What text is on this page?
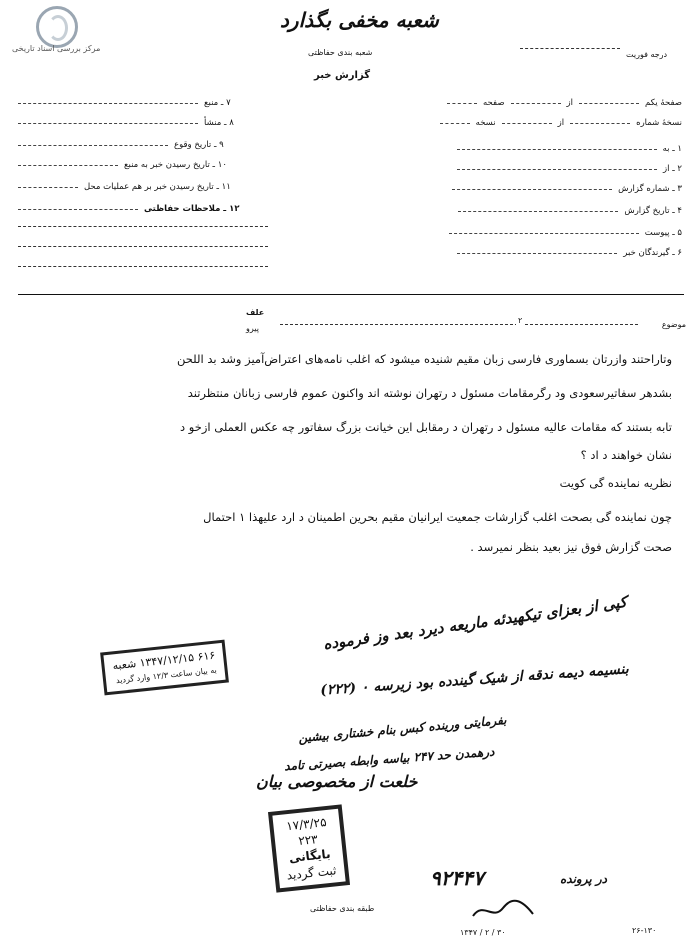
مرکز بررسی اسناد تاریخی
شعبه مخفی بگذارد
شعبه بندی حفاظتی
گزارش خبر
درجه فوریت
صفحهٔ یکم
از
صفحه
نسخهٔ شماره
از
نسخه
۱ ـ به
۲ ـ از
۳ ـ شماره گزارش
۴ ـ تاریخ گزارش
۵ ـ پیوست
۶ ـ گیرندگان خبر
۷ ـ منبع
۸ ـ منشأ
۹ ـ تاریخ وقوع
۱۰ ـ تاریخ رسیدن خبر به منبع
۱۱ ـ تاریخ رسیدن خبر بر هم عملیات محل
۱۲ ـ ملاحظات حفاظتی
موضوع
۲
علف
پیرو
وتاراحتند وازرتان بسماوری فارسی زبان مقیم شنیده میشود که اغلب نامه‌های اعتراض‌آمیز وشد بد اللحن
بشدهر سفاتیرسعودی ود رگرمقامات مسئول د رتهران نوشته اند واکنون عموم فارسی زبانان منتظرتند
تابه بستند که مقامات عالیه مسئول د رتهران د رمقابل این خیانت بزرگ سفاتور چه عکس العملی ازخو د
نشان خواهند د اد ؟
نظریه نماینده گی کویت
چون نماینده گی بصحت اغلب گزارشات جمعیت ایرانیان مقیم بحرین اطمینان د ارد علیهذا ۱ احتمال
صحت گزارش فوق نیز بعید بنظر نمیرسد .
کپی از بعزای تیکهیدئه ماریعه دیرد بعد وز فرموده
بنسیمه دیمه ندقه از شیک گیندده بود زیرسه ۰ (۲۲۲)
بفرمایتی ورینده کبس بنام خشتاری بیشین
درهمدن حد ۲۴۷ بیاسه وابطه بصیرتی تامد
خلعت از مخصوصی بیان
۶۱۶ ۱۳۴۷/۱۲/۱۵ شعبه
به بیان ساعت ۱۲/۳ وارد گردید
۱۷/۳/۲۵
۲۲۳
بایگانی
ثبت گردید	در پرونده
۹۲۴۴۷
۳۰ / ۲ / ۱۳۴۷
طبقه بندی حفاظتی
۲۶-۱۳۰
